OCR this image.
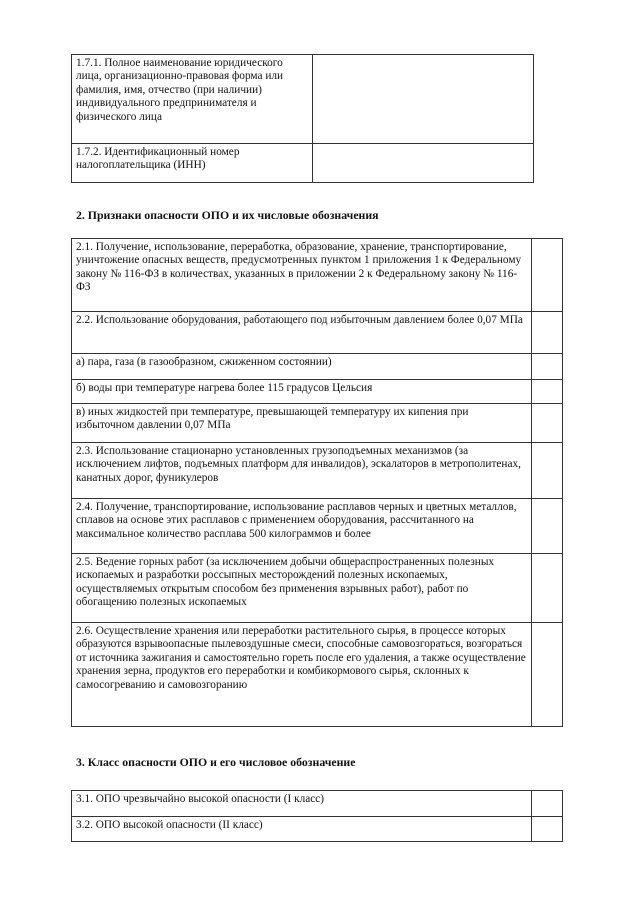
1.7.1. Полное наименование юридического лица, организационно-правовая форма или фамилия, имя, отчество (при наличии) индивидуального предпринимателя и физического лица	
1.7.2. Идентификационный номер налогоплательщика (ИНН)	
2. Признаки опасности ОПО и их числовые обозначения
2.1. Получение, использование, переработка, образование, хранение, транспортирование, уничтожение опасных веществ, предусмотренных пунктом 1 приложения 1 к Федеральному закону № 116-ФЗ в количествах, указанных в приложении 2 к Федеральному закону № 116-ФЗ	
2.2. Использование оборудования, работающего под избыточным давлением более 0,07 МПа	
а) пара, газа (в газообразном, сжиженном состоянии)	
б) воды при температуре нагрева более 115 градусов Цельсия	
в) иных жидкостей при температуре, превышающей температуру их кипения при избыточном давлении 0,07 МПа	
2.3. Использование стационарно установленных грузоподъемных механизмов (за исключением лифтов, подъемных платформ для инвалидов), эскалаторов в метрополитенах, канатных дорог, фуникулеров	
2.4. Получение, транспортирование, использование расплавов черных и цветных металлов, сплавов на основе этих расплавов с применением оборудования, рассчитанного на максимальное количество расплава 500 килограммов и более	
2.5. Ведение горных работ (за исключением добычи общераспространенных полезных ископаемых и разработки россыпных месторождений полезных ископаемых, осуществляемых открытым способом без применения взрывных работ), работ по обогащению полезных ископаемых	
2.6. Осуществление хранения или переработки растительного сырья, в процессе которых образуются взрывоопасные пылевоздушные смеси, способные самовозгораться, возгораться от источника зажигания и самостоятельно гореть после его удаления, а также осуществление хранения зерна, продуктов его переработки и комбикормового сырья, склонных к самосогреванию и самовозгоранию	
3. Класс опасности ОПО и его числовое обозначение
3.1. ОПО чрезвычайно высокой опасности (I класс)	
3.2. ОПО высокой опасности (II класс)	
